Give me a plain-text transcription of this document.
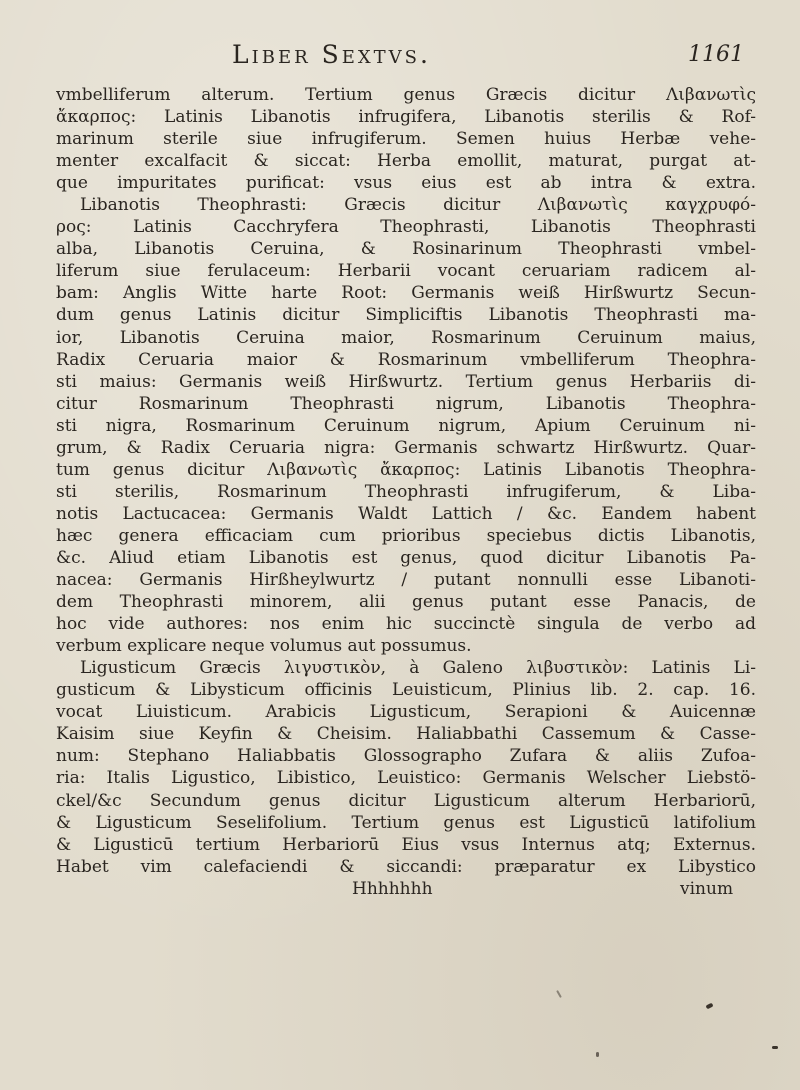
Liber Sextvs.	1161
vmbelliferum alterum. Tertium genus Græcis dicitur Λιβανωτὶς
ἄκαρπος: Latinis Libanotis infrugifera, Libanotis sterilis & Rof-
marinum sterile siue infrugiferum. Semen huius Herbæ vehe-
menter excalfacit & siccat: Herba emollit, maturat, purgat at-
que impuritates purificat: vsus eius est ab intra & extra.
Libanotis Theophrasti: Græcis dicitur Λιβανωτὶς καγχρυφό-
ρος: Latinis Cacchryfera Theophrasti, Libanotis Theophrasti
alba, Libanotis Ceruina, & Rosinarinum Theophrasti vmbel-
liferum siue ferulaceum: Herbarii vocant ceruariam radicem al-
bam: Anglis Witte harte Root: Germanis weiß Hirßwurtz Secun-
dum genus Latinis dicitur Simpliciftis Libanotis Theophrasti ma-
ior, Libanotis Ceruina maior, Rosmarinum Ceruinum maius,
Radix Ceruaria maior & Rosmarinum vmbelliferum Theophra-
sti maius: Germanis weiß Hirßwurtz. Tertium genus Herbariis di-
citur Rosmarinum Theophrasti nigrum, Libanotis Theophra-
sti nigra, Rosmarinum Ceruinum nigrum, Apium Ceruinum ni-
grum, & Radix Ceruaria nigra: Germanis schwartz Hirßwurtz. Quar-
tum genus dicitur Λιβανωτὶς ἄκαρπος: Latinis Libanotis Theophra-
sti sterilis, Rosmarinum Theophrasti infrugiferum, & Liba-
notis Lactucacea: Germanis Waldt Lattich / &c. Eandem habent
hæc genera efficaciam cum prioribus speciebus dictis Libanotis,
&c. Aliud etiam Libanotis est genus, quod dicitur Libanotis Pa-
nacea: Germanis Hirßheylwurtz / putant nonnulli esse Libanoti-
dem Theophrasti minorem, alii genus putant esse Panacis, de
hoc vide authores: nos enim hic succinctè singula de verbo ad
verbum explicare neque volumus aut possumus.
Ligusticum Græcis λιγυστικὸν, à Galeno λιβυστικὸν: Latinis Li-
gusticum & Libysticum officinis Leuisticum, Plinius lib. 2. cap. 16.
vocat Liuisticum. Arabicis Ligusticum, Serapioni & Auicennæ
Kaisim siue Keyfin & Cheisim. Haliabbathi Cassemum & Casse-
num: Stephano Haliabbatis Glossographo Zufara & aliis Zufoa-
ria: Italis Ligustico, Libistico, Leuistico: Germanis Welscher Liebstö-
ckel/&c Secundum genus dicitur Ligusticum alterum Herbariorū,
& Ligusticum Seselifolium. Tertium genus est Ligusticū latifolium
& Ligusticū tertium Herbariorū Eius vsus Internus atq; Externus.
Habet vim calefaciendi & siccandi: præparatur ex Libystico
Hhhhhhh	vinum
